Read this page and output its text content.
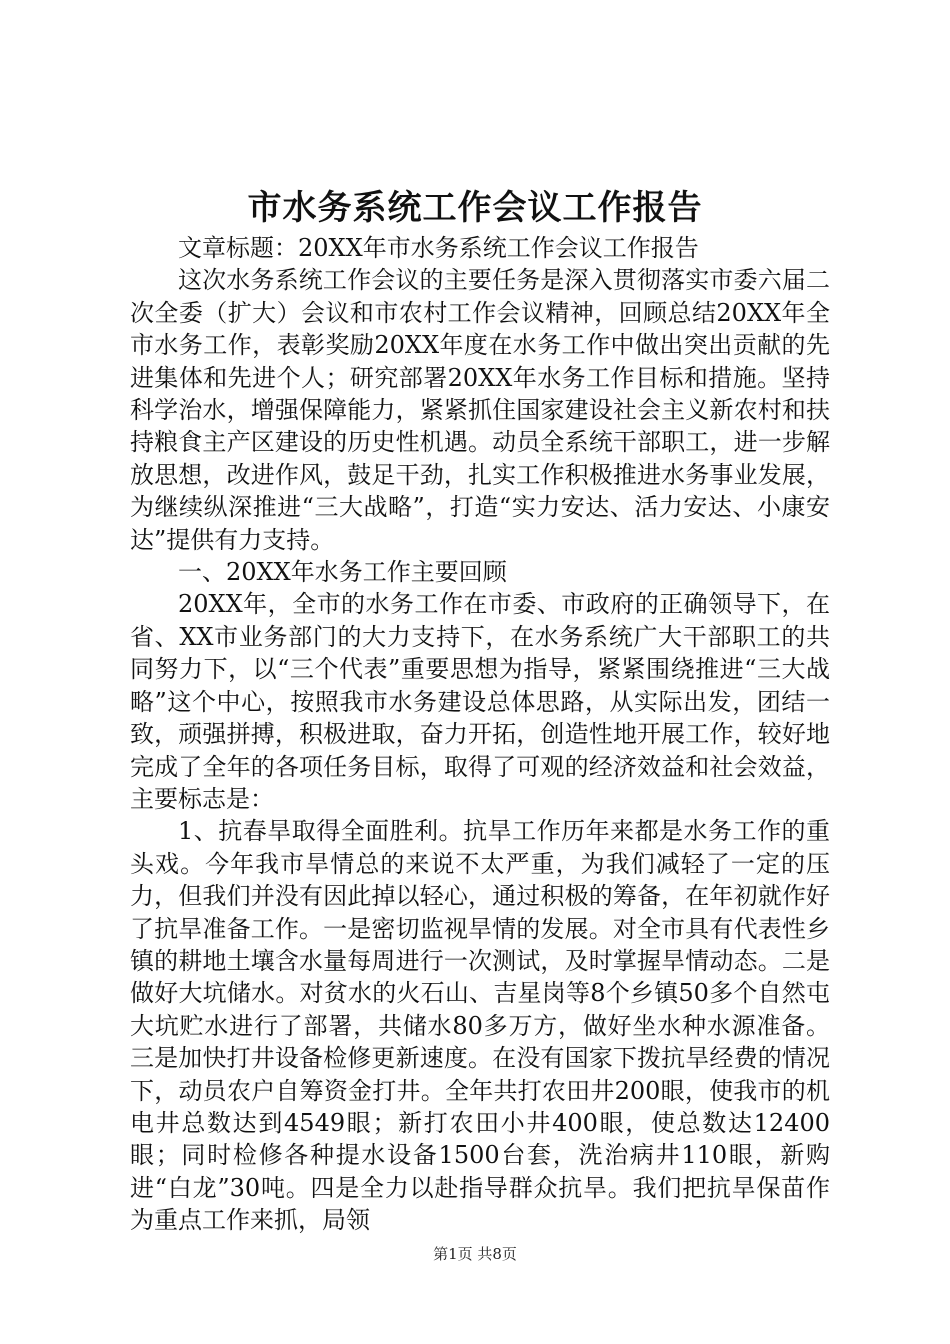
市水务系统工作会议工作报告

文章标题：20XX年市水务系统工作会议工作报告

这次水务系统工作会议的主要任务是深入贯彻落实市委六届二次全委（扩大）会议和市农村工作会议精神，回顾总结20XX年全市水务工作，表彰奖励20XX年度在水务工作中做出突出贡献的先进集体和先进个人；研究部署20XX年水务工作目标和措施。坚持科学治水，增强保障能力，紧紧抓住国家建设社会主义新农村和扶持粮食主产区建设的历史性机遇。动员全系统干部职工，进一步解放思想，改进作风，鼓足干劲，扎实工作积极推进水务事业发展，为继续纵深推进“三大战略”，打造“实力安达、活力安达、小康安达”提供有力支持。

一、20XX年水务工作主要回顾

20XX年，全市的水务工作在市委、市政府的正确领导下，在省、XX市业务部门的大力支持下，在水务系统广大干部职工的共同努力下，以“三个代表”重要思想为指导，紧紧围绕推进“三大战略”这个中心，按照我市水务建设总体思路，从实际出发，团结一致，顽强拼搏，积极进取，奋力开拓，创造性地开展工作，较好地完成了全年的各项任务目标，取得了可观的经济效益和社会效益，主要标志是：

1、抗春旱取得全面胜利。抗旱工作历年来都是水务工作的重头戏。今年我市旱情总的来说不太严重，为我们减轻了一定的压力，但我们并没有因此掉以轻心，通过积极的筹备，在年初就作好了抗旱准备工作。一是密切监视旱情的发展。对全市具有代表性乡镇的耕地土壤含水量每周进行一次测试，及时掌握旱情动态。二是做好大坑储水。对贫水的火石山、吉星岗等8个乡镇50多个自然屯大坑贮水进行了部署，共储水80多万方，做好坐水种水源准备。三是加快打井设备检修更新速度。在没有国家下拨抗旱经费的情况下，动员农户自筹资金打井。全年共打农田井200眼，使我市的机电井总数达到4549眼；新打农田小井400眼，使总数达12400眼；同时检修各种提水设备1500台套，洗治病井110眼，新购进“白龙”30吨。四是全力以赴指导群众抗旱。我们把抗旱保苗作为重点工作来抓，局领

第1页 共8页
